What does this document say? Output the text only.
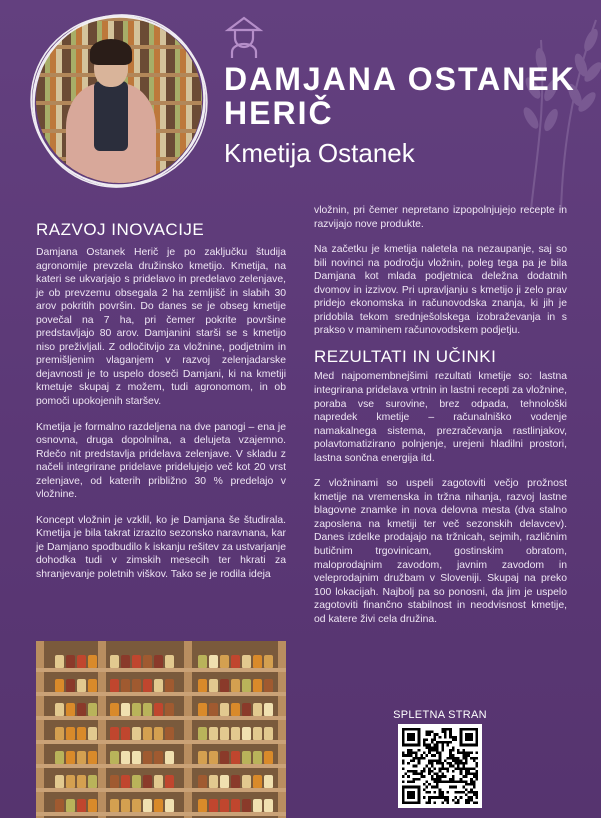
DAMJANA OSTANEK
HERIČ
Kmetija Ostanek
RAZVOJ INOVACIJE

Damjana Ostanek Herič je po zaključku študija agronomije prevzela družinsko kmetijo. Kmetija, na kateri se ukvarjajo s pridelavo in predelavo zelenjave, je ob prevzemu obsegala 2 ha zemljišč in slabih 30 arov pokritih površin. Do danes se je obseg kmetije povečal na 7 ha, pri čemer pokrite površine predstavljajo 80 arov. Damjanini starši se s kmetijo niso preživljali. Z odločitvijo za vložnine, podjetnim in premišljenim vlaganjem v razvoj zelenjadarske dejavnosti je to uspelo doseči Damjani, ki na kmetiji kmetuje skupaj z možem, tudi agronomom, in ob pomoči upokojenih staršev.

Kmetija je formalno razdeljena na dve panogi – ena je osnovna, druga dopolnilna, a delujeta vzajemno. Rdečo nit predstavlja pridelava zelenjave. V skladu z načeli integrirane pridelave pridelujejo več kot 20 vrst zelenjave, od katerih približno 30 % predelajo v vložnine.

Koncept vložnin je vzklil, ko je Damjana še študirala. Kmetija je bila takrat izrazito sezonsko naravnana, kar je Damjano spodbudilo k iskanju rešitev za ustvarjanje dohodka tudi v zimskih mesecih ter hkrati za shranjevanje poletnih viškov. Tako se je rodila ideja

vložnin, pri čemer nepretano izpopolnjujejo recepte in razvijajo nove produkte.

Na začetku je kmetija naletela na nezaupanje, saj so bili novinci na področju vložnin, poleg tega pa je bila Damjana kot mlada podjetnica deležna dodatnih dvomov in izzivov. Pri upravljanju s kmetijo ji zelo prav pridejo ekonomska in računovodska znanja, ki jih je pridobila tekom srednješolskega izobraževanja in s prakso v maminem računovodskem podjetju.

REZULTATI IN UČINKI

Med najpomembnejšimi rezultati kmetije so: lastna integrirana pridelava vrtnin in lastni recepti za vložnine, poraba vse surovine, brez odpada, tehnološki napredek kmetije – računalniško vodenje namakalnega sistema, prezračevanja rastlinjakov, polavtomatizirano polnjenje, urejeni hladilni prostori, lastna sončna energija itd.

Z vložninami so uspeli zagotoviti večjo prožnost kmetije na vremenska in tržna nihanja, razvoj lastne blagovne znamke in nova delovna mesta (dva stalno zaposlena na kmetiji ter več sezonskih delavcev). Danes izdelke prodajajo na tržnicah, sejmih, različnim butičnim trgovinicam, gostinskim obratom, maloprodajnim zavodom, javnim zavodom in veleprodajnim družbam v Sloveniji. Skupaj na preko 100 lokacijah. Najbolj pa so ponosni, da jim je uspelo zagotoviti finančno stabilnost in neodvisnost kmetije, od katere živi cela družina.

SPLETNA STRAN
